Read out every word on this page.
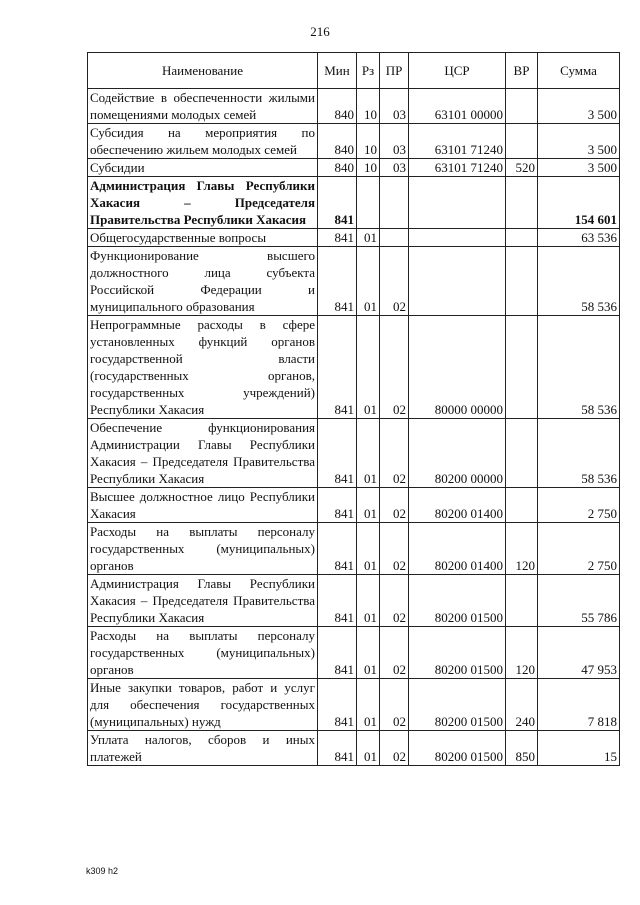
216
Наименование	Мин	Рз	ПР	ЦСР	ВР	Сумма
Содействие в обеспеченности жилыми помещениями молодых семей	840	10	03	63101 00000		3 500
Субсидия на мероприятия по обеспечению жильем молодых семей	840	10	03	63101 71240		3 500
Субсидии	840	10	03	63101 71240	520	3 500
Администрация Главы Республики Хакасия – Председателя Правительства Республики Хакасия	841					154 601
Общегосударственные вопросы	841	01				63 536
Функционирование высшего должностного лица субъекта Российской Федерации и муниципального образования	841	01	02			58 536
Непрограммные расходы в сфере установленных функций органов государственной власти (государственных органов, государственных учреждений) Республики Хакасия	841	01	02	80000 00000		58 536
Обеспечение функционирования Администрации Главы Республики Хакасия – Председателя Правительства Республики Хакасия	841	01	02	80200 00000		58 536
Высшее должностное лицо Республики Хакасия	841	01	02	80200 01400		2 750
Расходы на выплаты персоналу государственных (муниципальных) органов	841	01	02	80200 01400	120	2 750
Администрация Главы Республики Хакасия – Председателя Правительства Республики Хакасия	841	01	02	80200 01500		55 786
Расходы на выплаты персоналу государственных (муниципальных) органов	841	01	02	80200 01500	120	47 953
Иные закупки товаров, работ и услуг для обеспечения государственных (муниципальных) нужд	841	01	02	80200 01500	240	7 818
Уплата налогов, сборов и иных платежей	841	01	02	80200 01500	850	15
k309 h2
